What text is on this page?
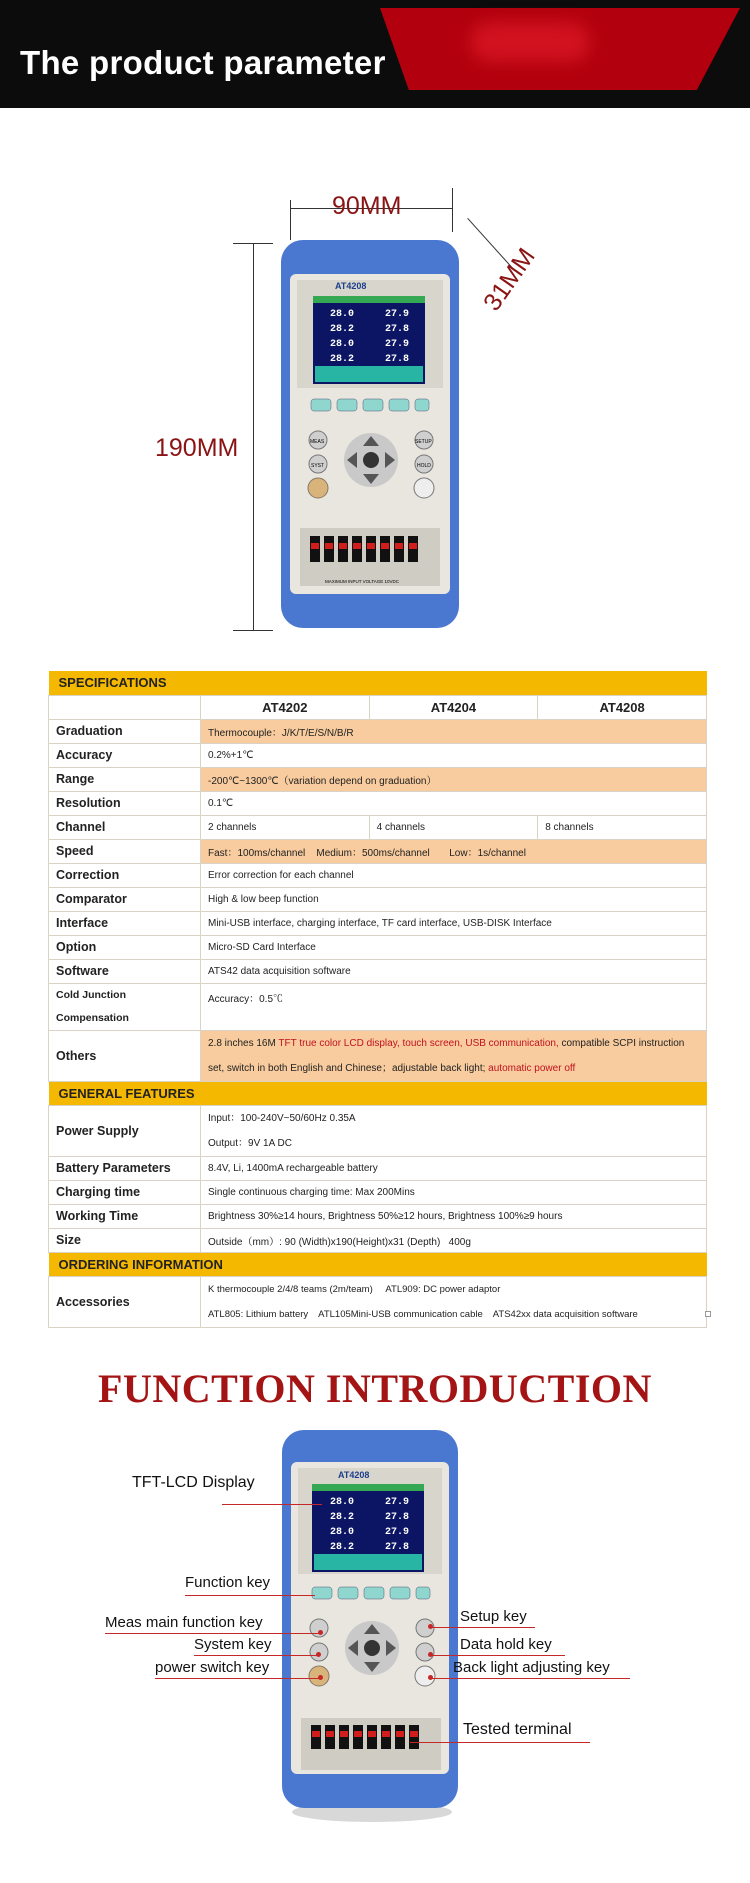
The product parameter
90MM
31MM
190MM
AT4208
28.0	27.9
28.2	27.8
28.0	27.9
28.2	27.8
MEAS	SETUP
SYST	HOLD
MAXIMUM INPUT VOLTAGE 10VDC
SPECIFICATIONS			
	AT4202	AT4204	AT4208
Graduation	Thermocouple：J/K/T/E/S/N/B/R		
Accuracy	0.2%+1℃		
Range	-200℃~1300℃（variation depend on graduation）		
Resolution	0.1℃		
Channel	2 channels	4 channels	8 channels
Speed	Fast：100ms/channel    Medium：500ms/channel       Low：1s/channel		
Correction	Error correction for each channel		
Comparator	High & low beep function		
Interface	Mini-USB interface, charging interface, TF card interface, USB-DISK Interface		
Option	Micro-SD Card Interface		
Software	ATS42 data acquisition software		
Cold Junction
Compensation	Accuracy：0.5℃		
Others	2.8 inches 16M TFT true color LCD display, touch screen, USB communication, compatible SCPI instruction set, switch in both English and Chinese；adjustable back light; automatic power off		
GENERAL FEATURES			
Power Supply	Input：100-240V~50/60Hz 0.35A
Output：9V 1A DC		
Battery Parameters	8.4V, Li, 1400mA rechargeable battery		
Charging time	Single continuous charging time: Max 200Mins		
Working Time	Brightness 30%≥14 hours, Brightness 50%≥12 hours, Brightness 100%≥9 hours		
Size	Outside（mm）: 90 (Width)x190(Height)x31 (Depth)   400g		
ORDERING INFORMATION			
Accessories	K thermocouple 2/4/8 teams (2m/team)     ATL909: DC power adaptor
ATL805: Lithium battery    ATL105Mini-USB communication cable    ATS42xx data acquisition software		
FUNCTION INTRODUCTION
AT4208
28.0	27.9
28.2	27.8
28.0	27.9
28.2	27.8
TFT-LCD Display
Function key
Meas main function key
System key
power switch key
Setup key
Data hold key
Back light adjusting key
Tested terminal
